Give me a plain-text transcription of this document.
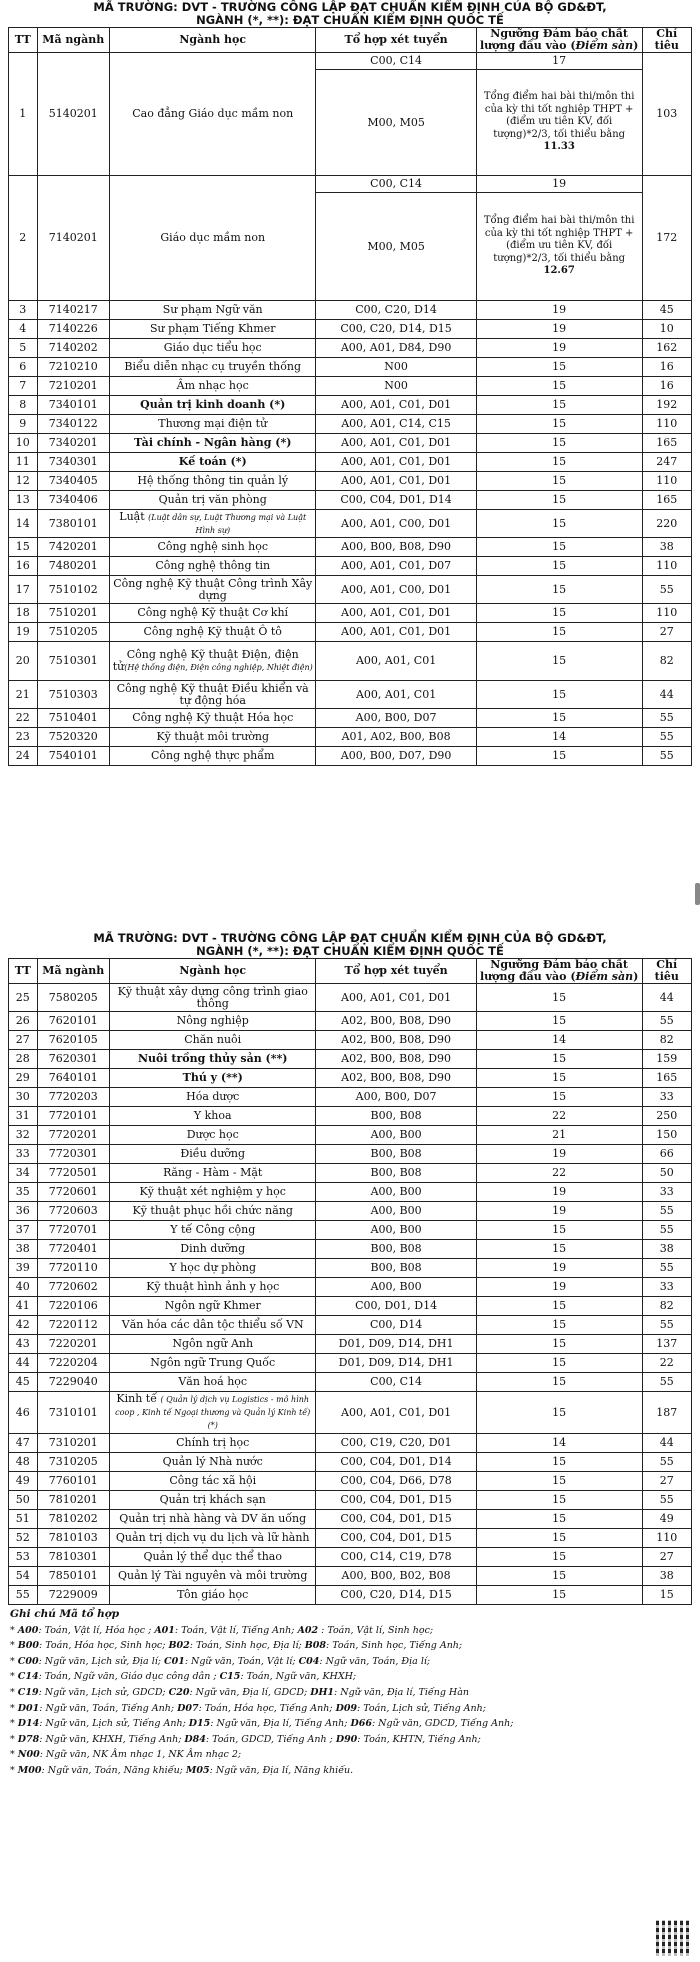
MÃ TRƯỜNG: DVT - TRƯỜNG CÔNG LẬP ĐẠT CHUẨN KIỂM ĐỊNH CỦA BỘ GD&ĐT,
NGÀNH (*, **): ĐẠT CHUẨN KIỂM ĐỊNH QUỐC TẾ
TT	Mã ngành	Ngành học	Tổ hợp xét tuyển	Ngưỡng Đảm bảo chất lượng đầu vào (Điểm sàn)	Chỉ tiêu
1	5140201	Cao đẳng Giáo dục mầm non	C00, C14	17	103
			M00, M05	Tổng điểm hai bài thi/môn thi của kỳ thi tốt nghiệp THPT + (điểm ưu tiên KV, đối tượng)*2/3, tối thiểu bằng 11.33	
2	7140201	Giáo dục mầm non	C00, C14	19	172
			M00, M05	Tổng điểm hai bài thi/môn thi của kỳ thi tốt nghiệp THPT + (điểm ưu tiên KV, đối tượng)*2/3, tối thiểu bằng 12.67	
3	7140217	Sư phạm Ngữ văn	C00, C20, D14	19	45
4	7140226	Sư phạm Tiếng Khmer	C00, C20, D14, D15	19	10
5	7140202	Giáo dục tiểu học	A00, A01, D84, D90	19	162
6	7210210	Biểu diễn nhạc cụ truyền thống	N00	15	16
7	7210201	Âm nhạc học	N00	15	16
8	7340101	Quản trị kinh doanh (*)	A00, A01, C01, D01	15	192
9	7340122	Thương mại điện tử	A00, A01, C14, C15	15	110
10	7340201	Tài chính - Ngân hàng (*)	A00, A01, C01, D01	15	165
11	7340301	Kế toán (*)	A00, A01, C01, D01	15	247
12	7340405	Hệ thống thông tin quản lý	A00, A01, C01, D01	15	110
13	7340406	Quản trị văn phòng	C00, C04, D01, D14	15	165
14	7380101	Luật (Luật dân sự, Luật Thương mại và Luật Hình sự)	A00, A01, C00, D01	15	220
15	7420201	Công nghệ sinh học	A00, B00, B08, D90	15	38
16	7480201	Công nghệ thông tin	A00, A01, C01, D07	15	110
17	7510102	Công nghệ Kỹ thuật Công trình Xây dựng	A00, A01, C00, D01	15	55
18	7510201	Công nghệ Kỹ thuật Cơ khí	A00, A01, C01, D01	15	110
19	7510205	Công nghệ Kỹ thuật Ô tô	A00, A01, C01, D01	15	27
20	7510301	Công nghệ Kỹ thuật Điện, điện tử(Hệ thống điện, Điện công nghiệp, Nhiệt điện)	A00, A01, C01	15	82
21	7510303	Công nghệ Kỹ thuật Điều khiển và tự động hóa	A00, A01, C01	15	44
22	7510401	Công nghệ Kỹ thuật Hóa học	A00, B00, D07	15	55
23	7520320	Kỹ thuật môi trường	A01, A02, B00, B08	14	55
24	7540101	Công nghệ thực phẩm	A00, B00, D07, D90	15	55
MÃ TRƯỜNG: DVT - TRƯỜNG CÔNG LẬP ĐẠT CHUẨN KIỂM ĐỊNH CỦA BỘ GD&ĐT,
NGÀNH (*, **): ĐẠT CHUẨN KIỂM ĐỊNH QUỐC TẾ
TT	Mã ngành	Ngành học	Tổ hợp xét tuyển	Ngưỡng Đảm bảo chất lượng đầu vào (Điểm sàn)	Chỉ tiêu
25	7580205	Kỹ thuật xây dựng công trình giao thông	A00, A01, C01, D01	15	44
26	7620101	Nông nghiệp	A02, B00, B08, D90	15	55
27	7620105	Chăn nuôi	A02, B00, B08, D90	14	82
28	7620301	Nuôi trồng thủy sản (**)	A02, B00, B08, D90	15	159
29	7640101	Thú y (**)	A02, B00, B08, D90	15	165
30	7720203	Hóa dược	A00, B00, D07	15	33
31	7720101	Y khoa	B00, B08	22	250
32	7720201	Dược học	A00, B00	21	150
33	7720301	Điều dưỡng	B00, B08	19	66
34	7720501	Răng - Hàm - Mặt	B00, B08	22	50
35	7720601	Kỹ thuật xét nghiệm y học	A00, B00	19	33
36	7720603	Kỹ thuật phục hồi chức năng	A00, B00	19	55
37	7720701	Y tế Công cộng	A00, B00	15	55
38	7720401	Dinh dưỡng	B00, B08	15	38
39	7720110	Y học dự phòng	B00, B08	19	55
40	7720602	Kỹ thuật hình ảnh y học	A00, B00	19	33
41	7220106	Ngôn ngữ Khmer	C00, D01, D14	15	82
42	7220112	Văn hóa các dân tộc thiểu số VN	C00, D14	15	55
43	7220201	Ngôn ngữ Anh	D01, D09, D14, DH1	15	137
44	7220204	Ngôn ngữ Trung Quốc	D01, D09, D14, DH1	15	22
45	7229040	Văn hoá học	C00, C14	15	55
46	7310101	Kinh tế ( Quản lý dịch vụ Logistics - mô hình coop , Kinh tế Ngoại thương và Quản lý Kinh tế) (*)	A00, A01, C01, D01	15	187
47	7310201	Chính trị học	C00, C19, C20, D01	14	44
48	7310205	Quản lý Nhà nước	C00, C04, D01, D14	15	55
49	7760101	Công tác xã hội	C00, C04, D66, D78	15	27
50	7810201	Quản trị khách sạn	C00, C04, D01, D15	15	55
51	7810202	Quản trị nhà hàng và DV ăn uống	C00, C04, D01, D15	15	49
52	7810103	Quản trị dịch vụ du lịch và lữ hành	C00, C04, D01, D15	15	110
53	7810301	Quản lý thể dục thể thao	C00, C14, C19, D78	15	27
54	7850101	Quản lý Tài nguyên và môi trường	A00, B00, B02, B08	15	38
55	7229009	Tôn giáo học	C00, C20, D14, D15	15	15
Ghi chú Mã tổ hợp
* A00: Toán, Vật lí, Hóa học ; A01: Toán, Vật lí, Tiếng Anh; A02 : Toán, Vật lí, Sinh học;
* B00: Toán, Hóa học, Sinh học; B02: Toán, Sinh học, Địa lí; B08: Toán, Sinh học, Tiếng Anh;
* C00: Ngữ văn, Lịch sử, Địa lí; C01: Ngữ văn, Toán, Vật lí; C04: Ngữ văn, Toán, Địa lí;
* C14: Toán, Ngữ văn, Giáo dục công dân ; C15: Toán, Ngữ văn, KHXH;
* C19: Ngữ văn, Lịch sử, GDCD; C20: Ngữ văn, Địa lí, GDCD; DH1: Ngữ văn, Địa lí, Tiếng Hàn
* D01: Ngữ văn, Toán, Tiếng Anh; D07: Toán, Hóa học, Tiếng Anh; D09: Toán, Lịch sử, Tiếng Anh;
* D14: Ngữ văn, Lịch sử, Tiếng Anh; D15: Ngữ văn, Địa lí, Tiếng Anh; D66: Ngữ văn, GDCD, Tiếng Anh;
* D78: Ngữ văn, KHXH, Tiếng Anh; D84: Toán, GDCD, Tiếng Anh ; D90: Toán, KHTN, Tiếng Anh;
* N00: Ngữ văn, NK Âm nhạc 1, NK Âm nhạc 2;
* M00: Ngữ văn, Toán, Năng khiếu; M05: Ngữ văn, Địa lí, Năng khiếu.
